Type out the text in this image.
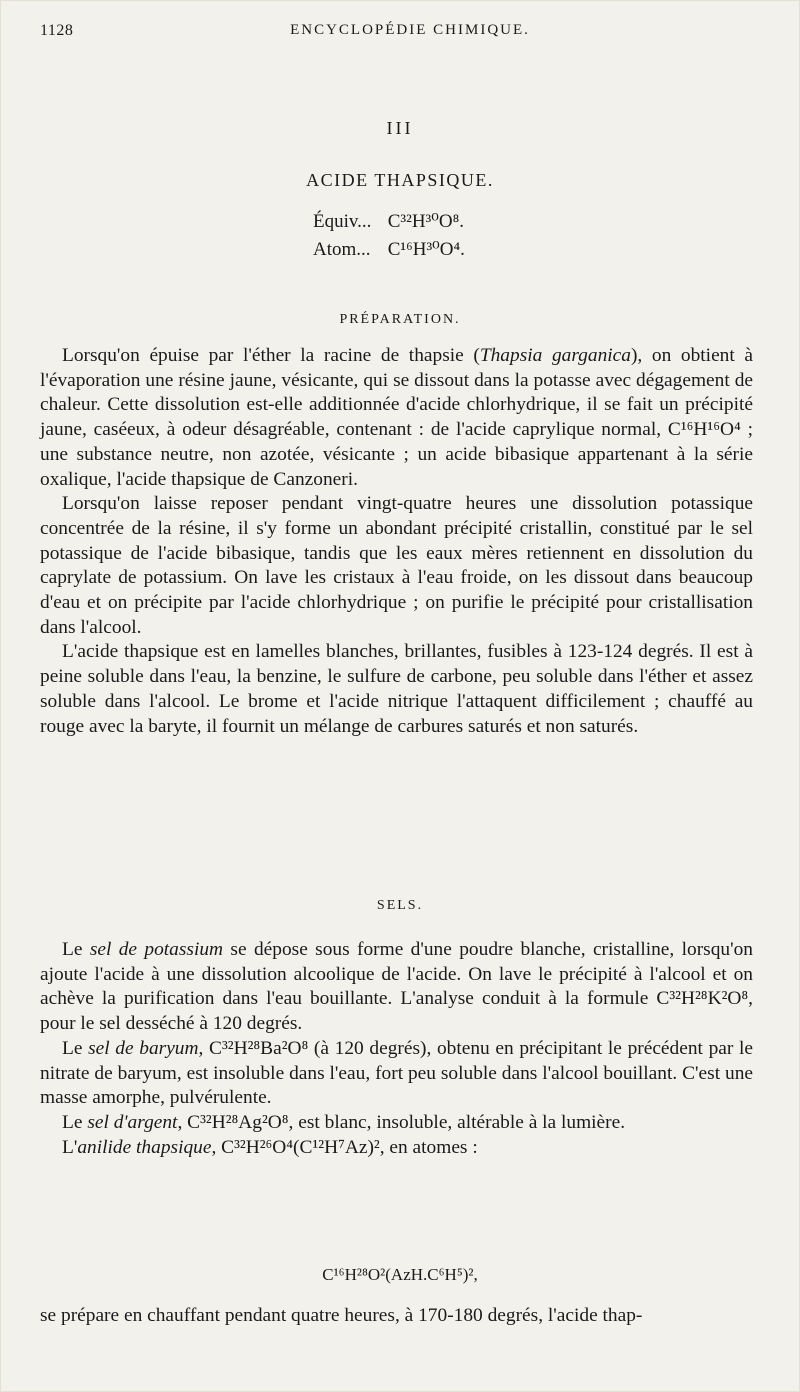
1128	ENCYCLOPÉDIE CHIMIQUE.
III
ACIDE THAPSIQUE.
Équiv... C³²H³⁰O⁸.
Atom... C¹⁶H³⁰O⁴.
PRÉPARATION.

Lorsqu'on épuise par l'éther la racine de thapsie (Thapsia garganica), on obtient à l'évaporation une résine jaune, vésicante, qui se dissout dans la potasse avec dégagement de chaleur. Cette dissolution est-elle additionnée d'acide chlorhydrique, il se fait un précipité jaune, caséeux, à odeur désagréable, contenant : de l'acide caprylique normal, C¹⁶H¹⁶O⁴ ; une substance neutre, non azotée, vésicante ; un acide bibasique appartenant à la série oxalique, l'acide thapsique de Canzoneri.

Lorsqu'on laisse reposer pendant vingt-quatre heures une dissolution potassique concentrée de la résine, il s'y forme un abondant précipité cristallin, constitué par le sel potassique de l'acide bibasique, tandis que les eaux mères retiennent en dissolution du caprylate de potassium. On lave les cristaux à l'eau froide, on les dissout dans beaucoup d'eau et on précipite par l'acide chlorhydrique ; on purifie le précipité pour cristallisation dans l'alcool.

L'acide thapsique est en lamelles blanches, brillantes, fusibles à 123-124 degrés. Il est à peine soluble dans l'eau, la benzine, le sulfure de carbone, peu soluble dans l'éther et assez soluble dans l'alcool. Le brome et l'acide nitrique l'attaquent difficilement ; chauffé au rouge avec la baryte, il fournit un mélange de carbures saturés et non saturés.

SELS.

Le sel de potassium se dépose sous forme d'une poudre blanche, cristalline, lorsqu'on ajoute l'acide à une dissolution alcoolique de l'acide. On lave le précipité à l'alcool et on achève la purification dans l'eau bouillante. L'analyse conduit à la formule C³²H²⁸K²O⁸, pour le sel desséché à 120 degrés.

Le sel de baryum, C³²H²⁸Ba²O⁸ (à 120 degrés), obtenu en précipitant le précédent par le nitrate de baryum, est insoluble dans l'eau, fort peu soluble dans l'alcool bouillant. C'est une masse amorphe, pulvérulente.

Le sel d'argent, C³²H²⁸Ag²O⁸, est blanc, insoluble, altérable à la lumière.

L'anilide thapsique, C³²H²⁶O⁴(C¹²H⁷Az)², en atomes :

C¹⁶H²⁸O²(AzH.C⁶H⁵)²,

se prépare en chauffant pendant quatre heures, à 170-180 degrés, l'acide thap-
